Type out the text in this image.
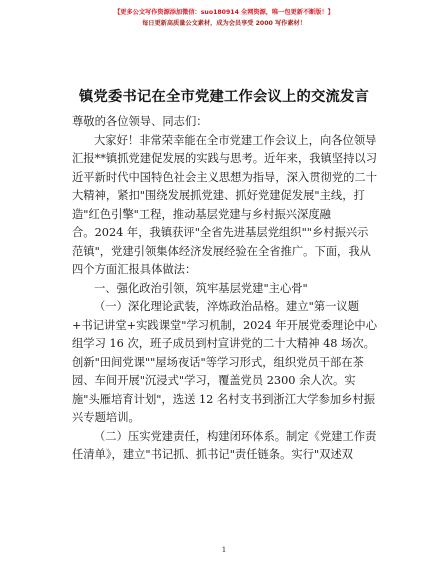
【更多公文写作资源添加微信：suo180914 全网资源，唯一包更新不断版！】
每日更新高质量公文素材，成为会员享受 2000 写作素材！
镇党委书记在全市党建工作会议上的交流发言
尊敬的各位领导、同志们：
大家好！非常荣幸能在全市党建工作会议上，向各位领导
汇报**镇抓党建促发展的实践与思考。近年来，我镇坚持以习
近平新时代中国特色社会主义思想为指导，深入贯彻党的二十
大精神，紧扣"围绕发展抓党建、抓好党建促发展"主线，打
造"红色引擎"工程，推动基层党建与乡村振兴深度融
合。2024 年，我镇获评"全省先进基层党组织""乡村振兴示
范镇"，党建引领集体经济发展经验在全省推广。下面，我从
四个方面汇报具体做法：
一、强化政治引领，筑牢基层党建"主心骨"
（一）深化理论武装，淬炼政治品格。建立"第一议题
+书记讲堂+实践课堂"学习机制，2024 年开展党委理论中心
组学习 16 次，班子成员到村宣讲党的二十大精神 48 场次。
创新"田间党课""屋场夜话"等学习形式，组织党员干部在茶
园、车间开展"沉浸式"学习，覆盖党员 2300 余人次。实
施"头雁培育计划"，选送 12 名村支书到浙江大学参加乡村振
兴专题培训。
（二）压实党建责任，构建闭环体系。制定《党建工作责
任清单》，建立"书记抓、抓书记"责任链条。实行"双述双
1
